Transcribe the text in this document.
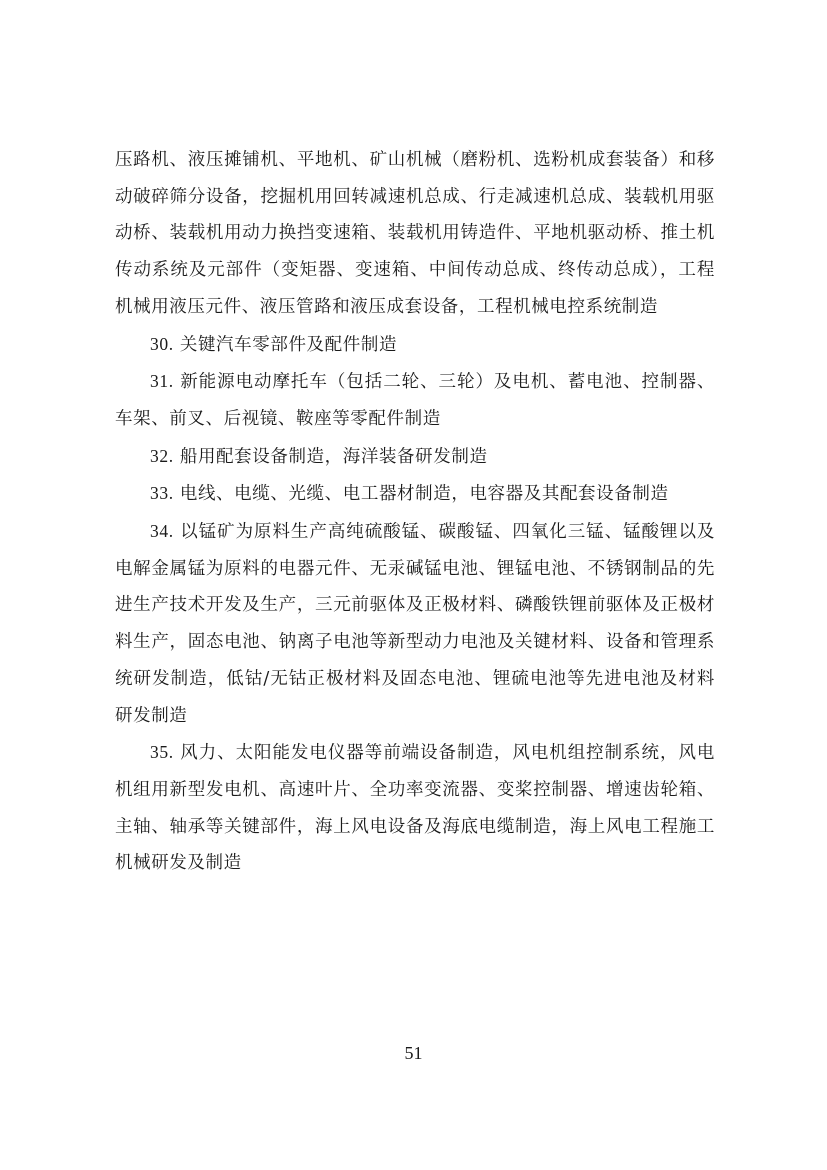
压路机、液压摊铺机、平地机、矿山机械（磨粉机、选粉机成套装备）和移动破碎筛分设备，挖掘机用回转减速机总成、行走减速机总成、装载机用驱动桥、装载机用动力换挡变速箱、装载机用铸造件、平地机驱动桥、推土机传动系统及元部件（变矩器、变速箱、中间传动总成、终传动总成），工程机械用液压元件、液压管路和液压成套设备，工程机械电控系统制造

30. 关键汽车零部件及配件制造

31. 新能源电动摩托车（包括二轮、三轮）及电机、蓄电池、控制器、车架、前叉、后视镜、鞍座等零配件制造

32. 船用配套设备制造，海洋装备研发制造

33. 电线、电缆、光缆、电工器材制造，电容器及其配套设备制造

34. 以锰矿为原料生产高纯硫酸锰、碳酸锰、四氧化三锰、锰酸锂以及电解金属锰为原料的电器元件、无汞碱锰电池、锂锰电池、不锈钢制品的先进生产技术开发及生产，三元前驱体及正极材料、磷酸铁锂前驱体及正极材料生产，固态电池、钠离子电池等新型动力电池及关键材料、设备和管理系统研发制造，低钴/无钴正极材料及固态电池、锂硫电池等先进电池及材料研发制造

35. 风力、太阳能发电仪器等前端设备制造，风电机组控制系统，风电机组用新型发电机、高速叶片、全功率变流器、变桨控制器、增速齿轮箱、主轴、轴承等关键部件，海上风电设备及海底电缆制造，海上风电工程施工机械研发及制造

51
